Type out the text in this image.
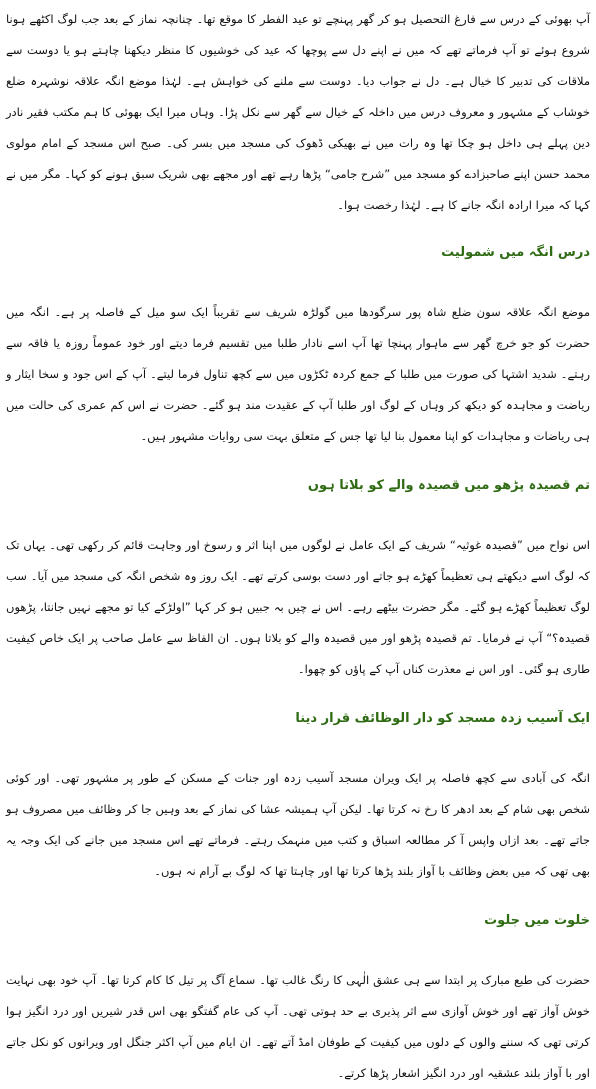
آپ بھوئی کے درس سے فارغ التحصیل ہو کر گھر پہنچے تو عید الفطر کا موقع تھا۔ چنانچہ نماز کے بعد جب لوگ اکٹھے ہونا شروع ہوئے تو آپ فرماتے تھے کہ میں نے اپنے دل سے پوچھا کہ عید کی خوشیوں کا منظر دیکھنا چاہتے ہو یا دوست سے ملاقات کی تدبیر کا خیال ہے۔ دل نے جواب دیا۔ دوست سے ملنے کی خواہش ہے۔ لہٰذا موضع انگہ علاقہ نوشہرہ ضلع خوشاب کے مشہور و معروف درس میں داخلہ کے خیال سے گھر سے نکل پڑا۔ وہاں میرا ایک بھوئی کا ہم مکتب فقیر نادر دین پہلے ہی داخل ہو چکا تھا وہ رات میں نے بھیکی ڈھوک کی مسجد میں بسر کی۔ صبح اس مسجد کے امام مولوی محمد حسن اپنے صاحبزادے کو مسجد میں ”شرح جامی“ پڑھا رہے تھے اور مجھے بھی شریک سبق ہونے کو کہا۔ مگر میں نے کہا کہ میرا ارادہ انگہ جانے کا ہے۔ لہٰذا رخصت ہوا۔

درس انگہ میں شمولیت

موضع انگہ علاقہ سون ضلع شاہ پور سرگودھا میں گولڑہ شریف سے تقریباً ایک سو میل کے فاصلہ پر ہے۔ انگہ میں حضرت کو جو خرچ گھر سے ماہوار پہنچا تھا آپ اسے نادار طلبا میں تقسیم فرما دیتے اور خود عموماً روزہ یا فاقہ سے رہتے۔ شدید اشتہا کی صورت میں طلبا کے جمع کردہ ٹکڑوں میں سے کچھ تناول فرما لیتے۔ آپ کے اس جود و سخا ایثار و ریاضت و مجاہدہ کو دیکھ کر وہاں کے لوگ اور طلبا آپ کے عقیدت مند ہو گئے۔ حضرت نے اس کم عمری کی حالت میں ہی ریاضات و مجاہدات کو اپنا معمول بنا لیا تھا جس کے متعلق بہت سی روایات مشہور ہیں۔

تم قصیدہ پڑھو میں قصیدہ والے کو بلاتا ہوں

اس نواح میں ”قصیدہ غوثیہ“ شریف کے ایک عامل نے لوگوں میں اپنا اثر و رسوخ اور وجاہت قائم کر رکھی تھی۔ یہاں تک کہ لوگ اسے دیکھتے ہی تعظیماً کھڑے ہو جاتے اور دست بوسی کرتے تھے۔ ایک روز وہ شخص انگہ کی مسجد میں آیا۔ سب لوگ تعظیماً کھڑے ہو گئے۔ مگر حضرت بیٹھے رہے۔ اس نے چیں بہ جبیں ہو کر کہا ”اولڑکے کیا تو مجھے نہیں جانتا، پڑھوں قصیدہ؟“ آپ نے فرمایا۔ تم قصیدہ پڑھو اور میں قصیدہ والے کو بلاتا ہوں۔ ان الفاظ سے عامل صاحب پر ایک خاص کیفیت طاری ہو گئی۔ اور اس نے معذرت کناں آپ کے پاؤں کو چھوا۔

ایک آسیب زدہ مسجد کو دار الوظائف قرار دینا

انگہ کی آبادی سے کچھ فاصلہ پر ایک ویران مسجد آسیب زدہ اور جنات کے مسکن کے طور پر مشہور تھی۔ اور کوئی شخص بھی شام کے بعد ادھر کا رخ نہ کرتا تھا۔ لیکن آپ ہمیشہ عشا کی نماز کے بعد وہیں جا کر وظائف میں مصروف ہو جاتے تھے۔ بعد ازاں واپس آ کر مطالعہ اسباق و کتب میں منہمک رہتے۔ فرماتے تھے اس مسجد میں جانے کی ایک وجہ یہ بھی تھی کہ میں بعض وظائف با آواز بلند پڑھا کرتا تھا اور چاہتا تھا کہ لوگ بے آرام نہ ہوں۔

خلوت میں جلوت

حضرت کی طبع مبارک پر ابتدا سے ہی عشق الٰہی کا رنگ غالب تھا۔ سماع آگ پر تیل کا کام کرتا تھا۔ آپ خود بھی نہایت خوش آواز تھے اور خوش آوازی سے اثر پذیری بے حد ہوتی تھی۔ آپ کی عام گفتگو بھی اس قدر شیریں اور درد انگیز ہوا کرتی تھی کہ سننے والوں کے دلوں میں کیفیت کے طوفان امڈ آتے تھے۔ ان ایام میں آپ اکثر جنگل اور ویرانوں کو نکل جاتے اور با آواز بلند عشقیہ اور درد انگیز اشعار پڑھا کرتے۔
